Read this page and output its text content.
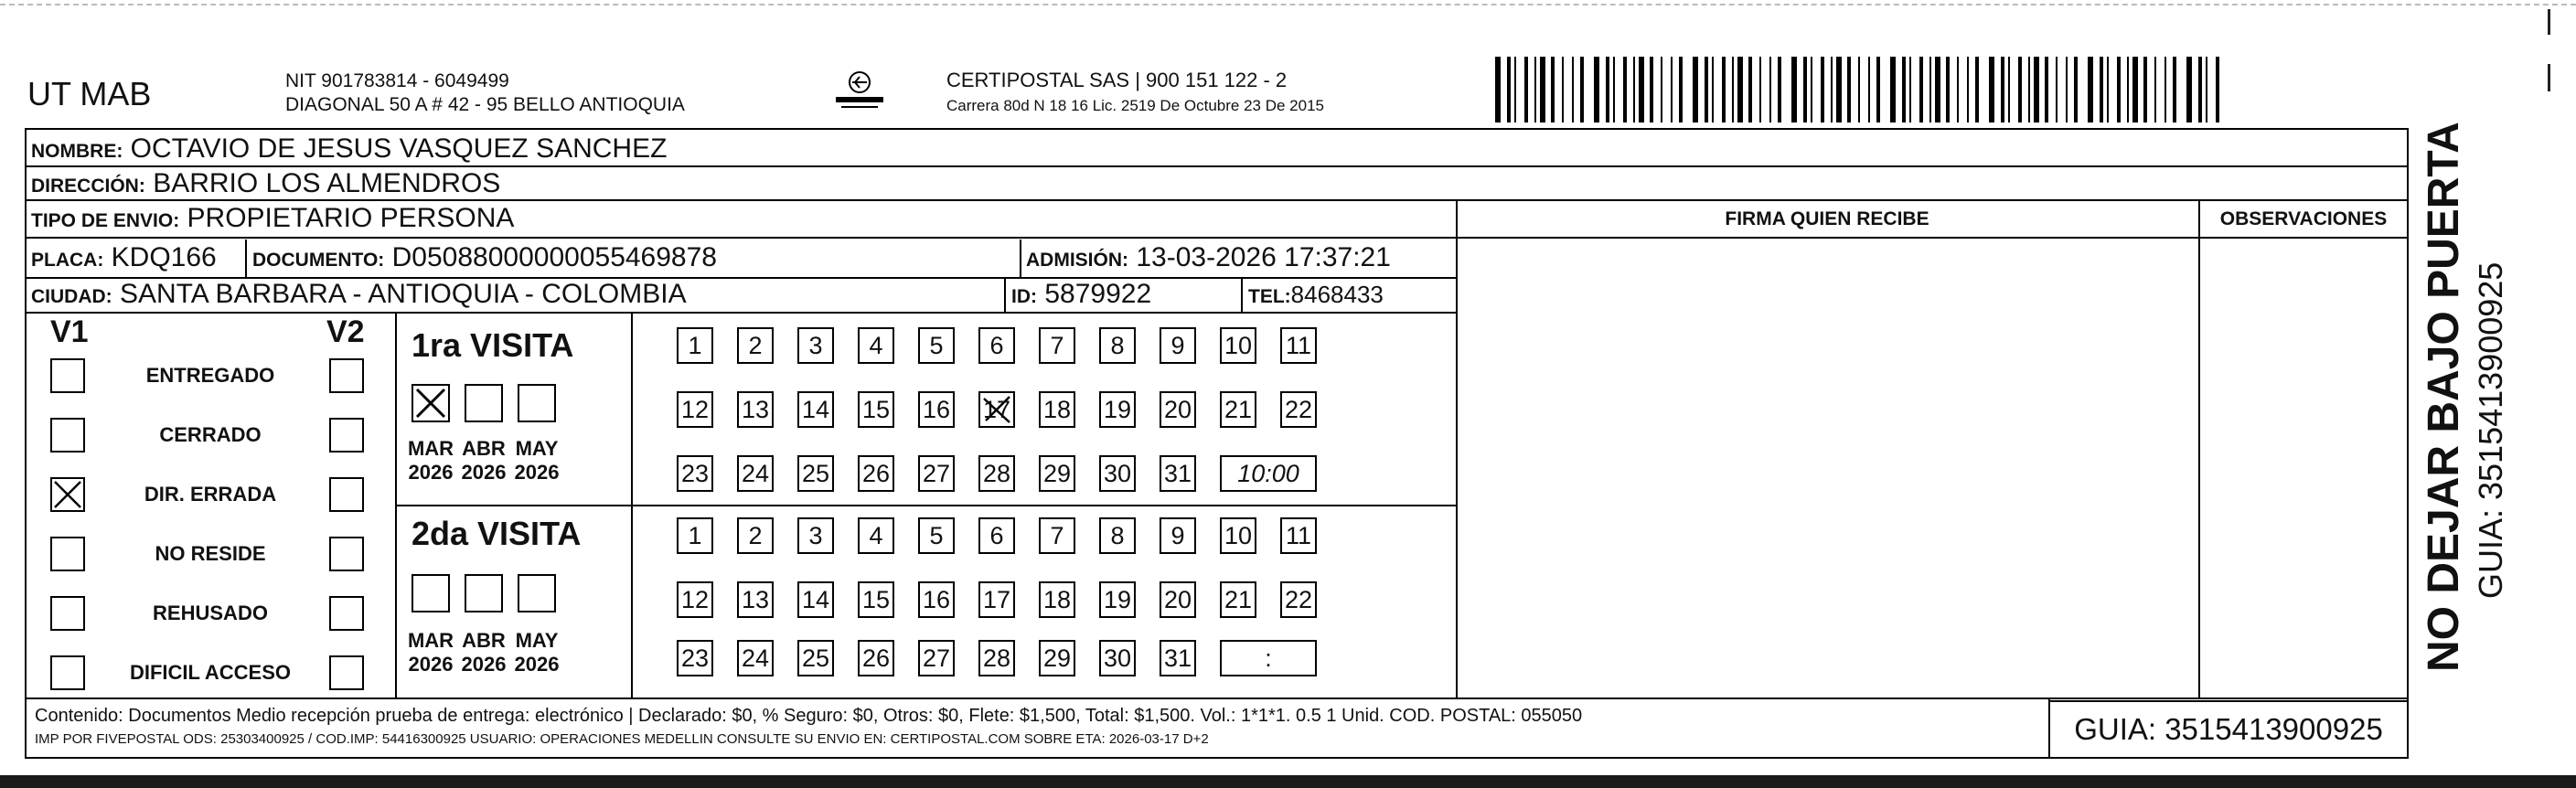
UT MAB	NIT 901783814 - 6049499
DIAGONAL 50 A # 42 - 95 BELLO ANTIOQUIA
CERTIPOSTAL SAS | 900 151 122 - 2
Carrera 80d N 18 16 Lic. 2519 De Octubre 23 De 2015
NOMBRE: OCTAVIO DE JESUS VASQUEZ SANCHEZ
DIRECCIÓN: BARRIO LOS ALMENDROS
TIPO DE ENVIO: PROPIETARIO PERSONA	FIRMA QUIEN RECIBE	OBSERVACIONES
PLACA: KDQ166 DOCUMENTO: D05088000000055469878	ADMISIÓN: 13-03-2026 17:37:21
CIUDAD: SANTA BARBARA - ANTIOQUIA - COLOMBIA	ID: 5879922	TEL:8468433
V1	V2
ENTREGADO
CERRADO
DIR. ERRADA
NO RESIDE
REHUSADO
DIFICIL ACCESO
1ra VISITA
2da VISITA
MAR
2026
ABR
2026
MAY
2026
MAR
2026
ABR
2026
MAY
2026
1	2	3	4	5	6	7	8	9	10 11
12 13 14 15 16 17 18 19 20 21 22
23 24 25 26 27 28 29 30 31	10:00
1	2	3	4	5	6	7	8	9	10 11
12 13 14 15 16 17 18 19 20 21 22
23 24 25 26 27 28 29 30 31	:
Contenido: Documentos Medio recepción prueba de entrega: electrónico | Declarado: $0, % Seguro: $0, Otros: $0, Flete: $1,500, Total: $1,500. Vol.: 1*1*1. 0.5 1 Unid. COD. POSTAL: 055050
IMP POR FIVEPOSTAL ODS: 25303400925 / COD.IMP: 54416300925 USUARIO: OPERACIONES MEDELLIN CONSULTE SU ENVIO EN: CERTIPOSTAL.COM SOBRE ETA: 2026-03-17 D+2	GUIA: 3515413900925
NO DEJAR BAJO PUERTA GUIA: 3515413900925
